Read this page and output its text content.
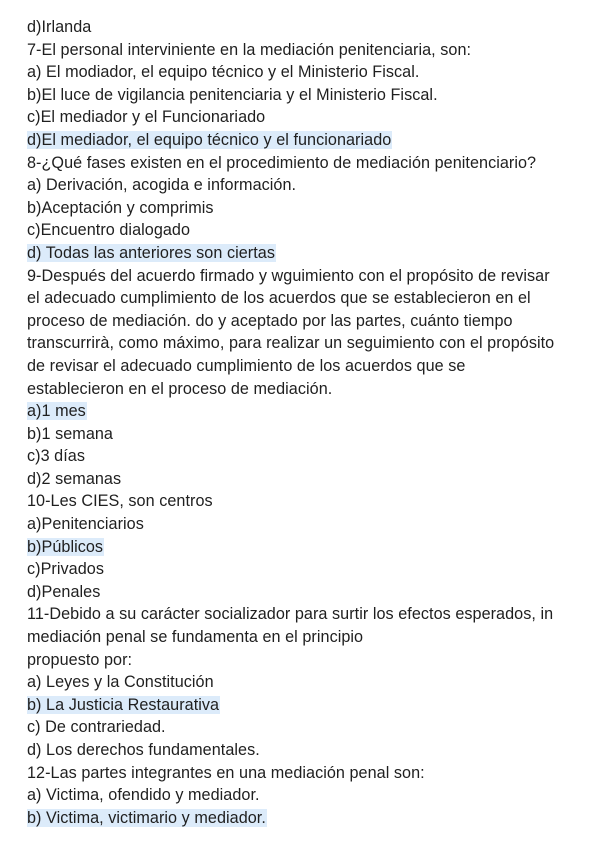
d)Irlanda
7-El personal interviniente en la mediación penitenciaria, son:
a) El modiador, el equipo técnico y el Ministerio Fiscal.
b)El luce de vigilancia penitenciaria y el Ministerio Fiscal.
c)El mediador y el Funcionariado
d)El mediador, el equipo técnico y el funcionariado
8-¿Qué fases existen en el procedimiento de mediación penitenciario?
a) Derivación, acogida e información.
b)Aceptación y comprimis
c)Encuentro dialogado
d) Todas las anteriores son ciertas
9-Después del acuerdo firmado y wguimiento con el propósito de revisar
el adecuado cumplimiento de los acuerdos que se establecieron en el
proceso de mediación. do y aceptado por las partes, cuánto tiempo
transcurrirà, como máximo, para realizar un seguimiento con el propósito
de revisar el adecuado cumplimiento de los acuerdos que se
establecieron en el proceso de mediación.
a)1 mes
b)1 semana
c)3 días
d)2 semanas
10-Les CIES, son centros
a)Penitenciarios
b)Públicos
c)Privados
d)Penales
11-Debido a su carácter socializador para surtir los efectos esperados, in
mediación penal se fundamenta en el principio
propuesto por:
a) Leyes y la Constitución
b) La Justicia Restaurativa
c) De contrariedad.
d) Los derechos fundamentales.
12-Las partes integrantes en una mediación penal son:
a) Victima, ofendido y mediador.
b) Victima, victimario y mediador.
